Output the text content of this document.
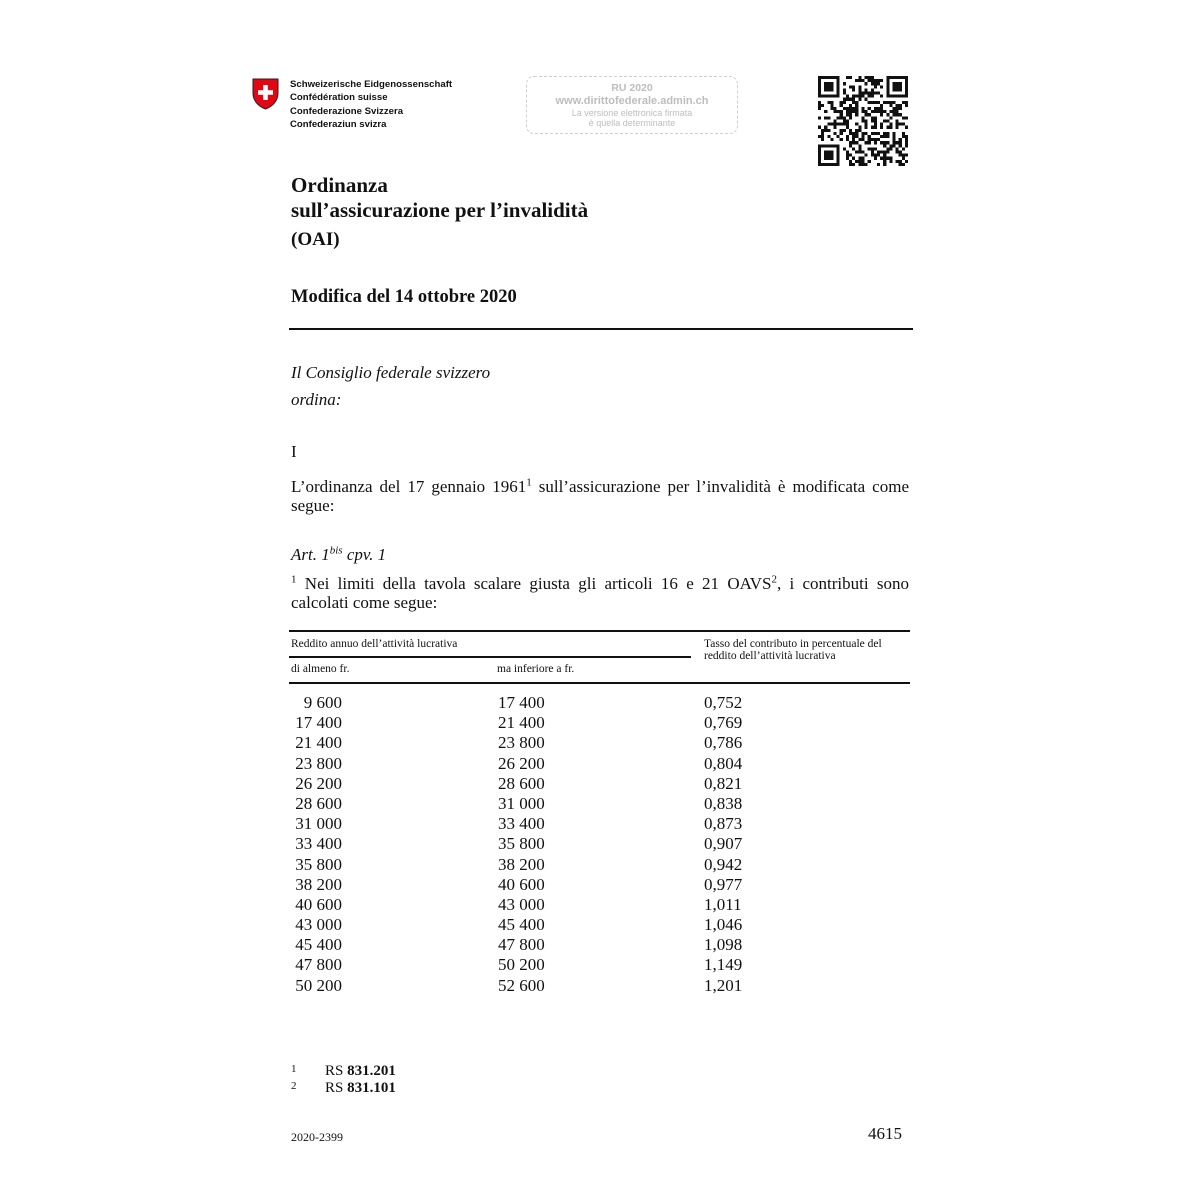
Schweizerische Eidgenossenschaft
Confédération suisse
Confederazione Svizzera
Confederaziun svizra
RU 2020
www.dirittofederale.admin.ch
La versione elettronica firmata
è quella determinante
Ordinanza
sull’assicurazione per l’invalidità
(OAI)
Modifica del 14 ottobre 2020
Il Consiglio federale svizzero
ordina:
I
L’ordinanza del 17 gennaio 1961$^1$ sull’assicurazione per l’invalidità è modificata come segue:
Art. $1^{bis}$ cpv. 1
$^1$ Nei limiti della tavola scalare giusta gli articoli 16 e 21 OAVS$^2$, i contributi sono calcolati come segue:
Reddito annuo dell’attività lucrativa
di almeno fr.	ma inferiore a fr.
Tasso del contributo in percentuale del reddito dell’attività lucrativa
9 600	17 400	0,752
17 400	21 400	0,769
21 400	23 800	0,786
23 800	26 200	0,804
26 200	28 600	0,821
28 600	31 000	0,838
31 000	33 400	0,873
33 400	35 800	0,907
35 800	38 200	0,942
38 200	40 600	0,977
40 600	43 000	1,011
43 000	45 400	1,046
45 400	47 800	1,098
47 800	50 200	1,149
50 200	52 600	1,201
1 RS 831.201
2 RS 831.101
2020-2399	4615
